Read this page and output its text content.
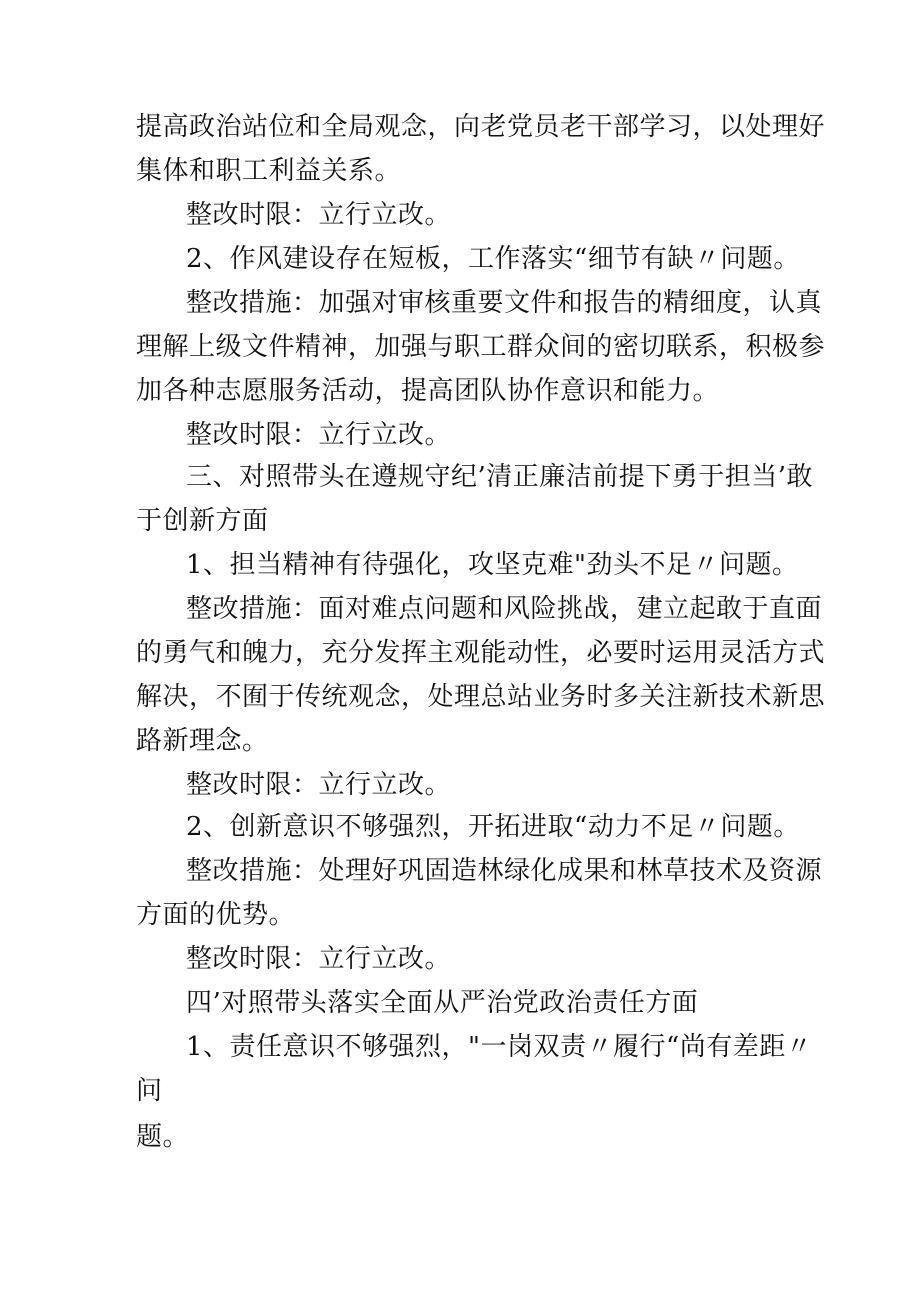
提高政治站位和全局观念，向老党员老干部学习，以处理好
集体和职工利益关系。
整改时限：立行立改。
2、作风建设存在短板，工作落实“细节有缺〃问题。
整改措施：加强对审核重要文件和报告的精细度，认真
理解上级文件精神，加强与职工群众间的密切联系，积极参
加各种志愿服务活动，提高团队协作意识和能力。
整改时限：立行立改。
三、对照带头在遵规守纪’清正廉洁前提下勇于担当’敢
于创新方面
1、担当精神有待强化，攻坚克难"劲头不足〃问题。
整改措施：面对难点问题和风险挑战，建立起敢于直面
的勇气和魄力，充分发挥主观能动性，必要时运用灵活方式
解决，不囿于传统观念，处理总站业务时多关注新技术新思
路新理念。
整改时限：立行立改。
2、创新意识不够强烈，开拓进取“动力不足〃问题。
整改措施：处理好巩固造林绿化成果和林草技术及资源
方面的优势。
整改时限：立行立改。
四’对照带头落实全面从严治党政治责任方面
1、责任意识不够强烈，"一岗双责〃履行“尚有差距〃
问
题。
